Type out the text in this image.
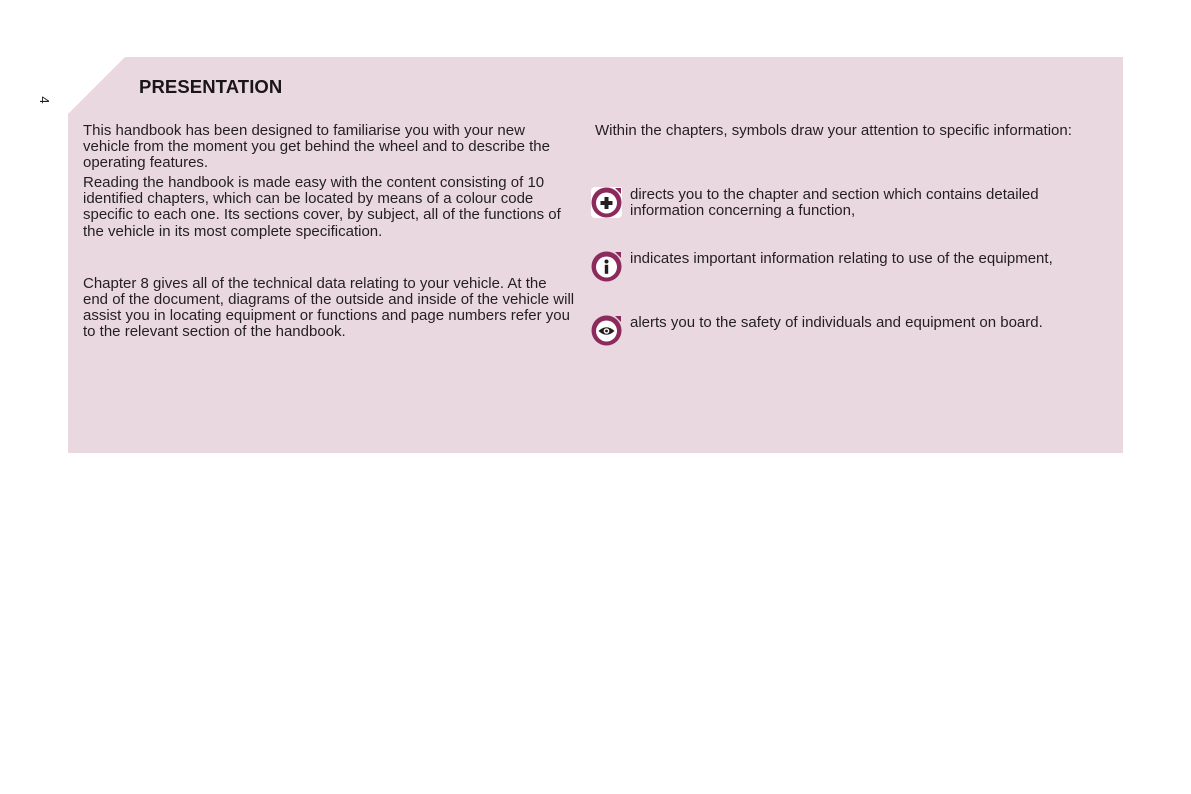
4
PRESENTATION

This handbook has been designed to familiarise you with your new vehicle from the moment you get behind the wheel and to describe the operating features.

Reading the handbook is made easy with the content consisting of 10 identified chapters, which can be located by means of a colour code specific to each one. Its sections cover, by subject, all of the functions of the vehicle in its most complete specification.

Chapter 8 gives all of the technical data relating to your vehicle. At the end of the document, diagrams of the outside and inside of the vehicle will assist you in locating equipment or functions and page numbers refer you to the relevant section of the handbook.

Within the chapters, symbols draw your attention to specific information:

directs you to the chapter and section which contains detailed information concerning a function,
indicates important information relating to use of the equipment,
alerts you to the safety of individuals and equipment on board.
